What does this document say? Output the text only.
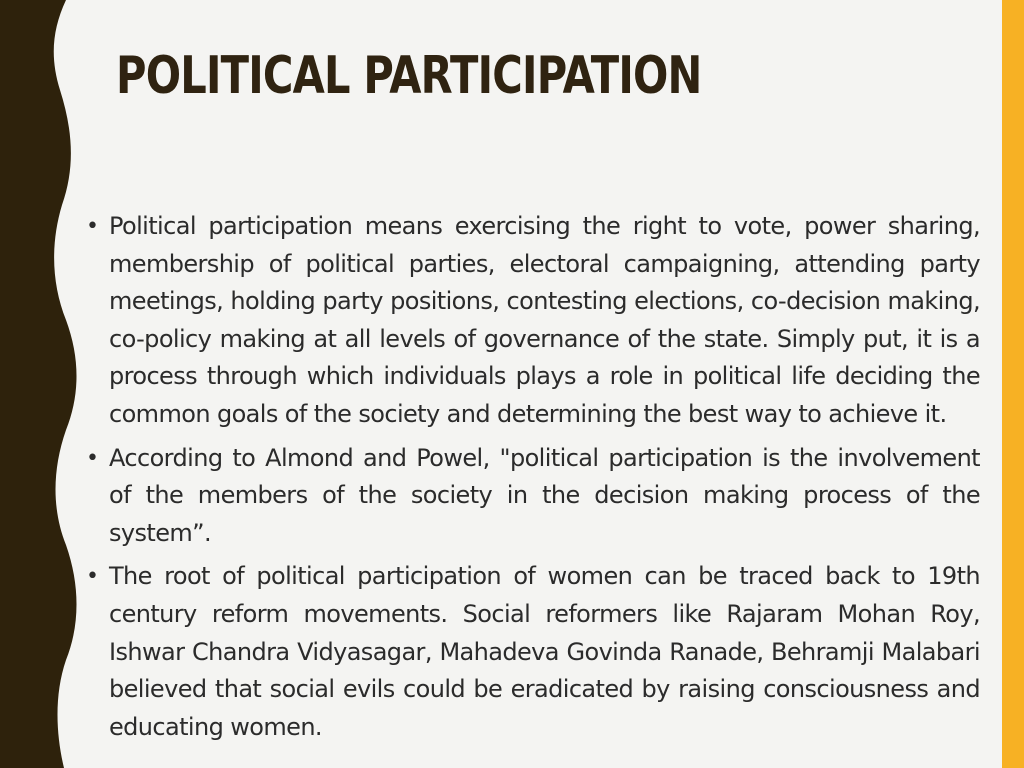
POLITICAL PARTICIPATION
• Political participation means exercising the right to vote, power sharing, membership of political parties, electoral campaigning, attending party meetings, holding party positions, contesting elections, co-decision making, co-policy making at all levels of governance of the state. Simply put, it is a process through which individuals plays a role in political life deciding the common goals of the society and determining the best way to achieve it.
• According to Almond and Powel, "political participation is the involvement of the members of the society in the decision making process of the system”.
• The root of political participation of women can be traced back to 19th century reform movements. Social reformers like Rajaram Mohan Roy, Ishwar Chandra Vidyasagar, Mahadeva Govinda Ranade, Behramji Malabari believed that social evils could be eradicated by raising consciousness and educating women.
